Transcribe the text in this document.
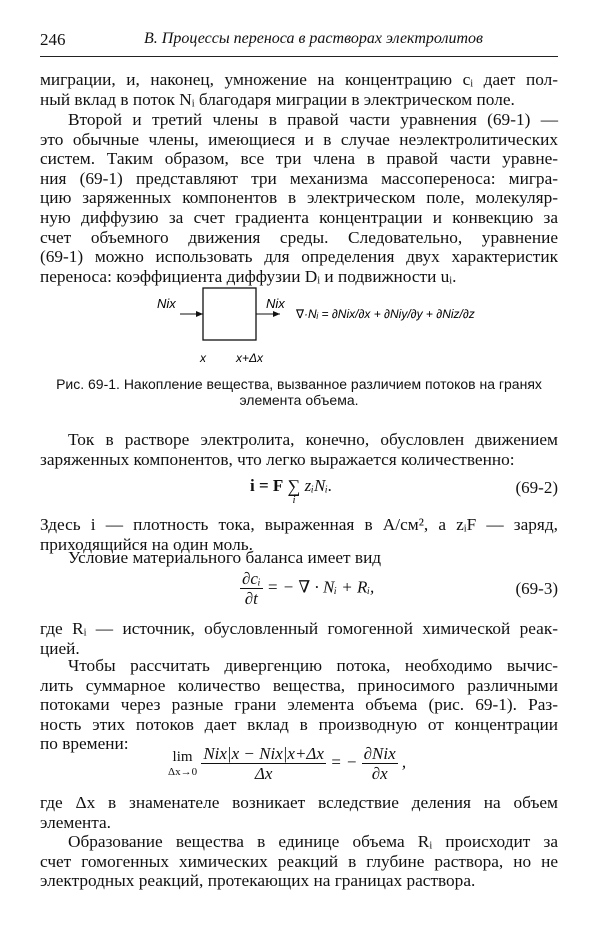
246	В. Процессы переноса в растворах электролитов
миграции, и, наконец, умножение на концентрацию cᵢ дает пол-
ный вклад в поток Nᵢ благодаря миграции в электрическом поле.
Второй и третий члены в правой части уравнения (69-1) —
это обычные члены, имеющиеся и в случае неэлектролитических
систем. Таким образом, все три члена в правой части уравне-
ния (69-1) представляют три механизма массопереноса: мигра-
цию заряженных компонентов в электрическом поле, молекуляр-
ную диффузию за счет градиента концентрации и конвекцию за
счет объемного движения среды. Следовательно, уравнение
(69-1) можно использовать для определения двух характеристик
переноса: коэффициента диффузии Dᵢ и подвижности uᵢ.
Nix	Nix
∇·Nᵢ = ∂Nix/∂x + ∂Niy/∂y + ∂Niz/∂z
x	x+Δx
Рис. 69-1. Накопление вещества, вызванное различием потоков на гранях
элемента объема.
Ток в растворе электролита, конечно, обусловлен движением
заряженных компонентов, что легко выражается количественно:
i = F ∑
i
zᵢNᵢ.	(69-2)
Здесь i — плотность тока, выраженная в А/см², а zᵢF — заряд,
приходящийся на один моль.
Условие материального баланса имеет вид
$\frac{\text{∂cᵢ}}{\partial t}$ = − ∇ · Nᵢ + Rᵢ,	(69-3)
где Rᵢ — источник, обусловленный гомогенной химической реак-
цией.
Чтобы рассчитать дивергенцию потока, необходимо вычис-
лить суммарное количество вещества, приносимого различными
потоками через разные грани элемента объема (рис. 69-1). Раз-
ность этих потоков дает вклад в производную от концентрации
по времени:
lim
Δx→0
$\frac{\text{Nix|x − Nix|x+Δx}}{\Delta x}$ = − $\frac{\text{∂Nix}}{\partial x}$ ,
где Δx в знаменателе возникает вследствие деления на объем
элемента.
Образование вещества в единице объема Rᵢ происходит за
счет гомогенных химических реакций в глубине раствора, но не
электродных реакций, протекающих на границах раствора.
